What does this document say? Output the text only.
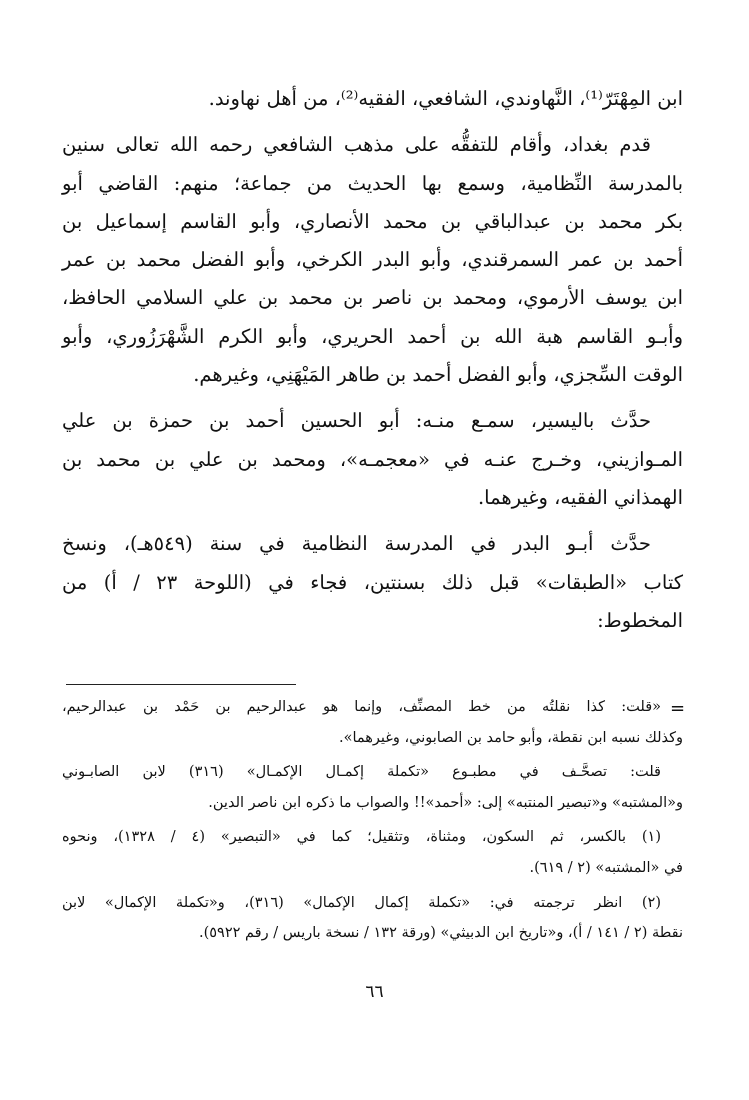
ابن المِهْتَرّ⁽¹⁾، النَّهاوندي، الشافعي، الفقيه⁽²⁾، من أهل نهاوند.

قدم بغداد، وأقام للتفقُّه على مذهب الشافعي رحمه الله تعالى سنين

بالمدرسة النِّظامية، وسمع بها الحديث من جماعة؛ منهم: القاضي أبو

بكر محمد بن عبدالباقي بن محمد الأنصاري، وأبو القاسم إسماعيل بن

أحمد بن عمر السمرقندي، وأبو البدر الكرخي، وأبو الفضل محمد بن عمر

ابن يوسف الأرموي، ومحمد بن ناصر بن محمد بن علي السلامي الحافظ،

وأبـو القاسم هبة الله بن أحمد الحريري، وأبو الكرم الشَّهْرَزُوري، وأبو

الوقت السِّجزي، وأبو الفضل أحمد بن طاهر المَيْهَنِي، وغيرهم.

حدَّث باليسير، سمـع منـه: أبو الحسين أحمد بن حمزة بن علي

المـوازيني، وخـرج عنـه في «معجمـه»، ومحمد بن علي بن محمد بن

الهمذاني الفقيه، وغيرهما.

حدَّث أبـو البدر في المدرسة النظامية في سنة (٥٤٩هـ)، ونسخ

كتاب «الطبقات» قبل ذلك بسنتين، فجاء في (اللوحة ٢٣ / أ) من

المخطوط:

=

«قلت: كذا نقلتُه من خط المصنِّف، وإنما هو عبدالرحيم بن حَمْد بن عبدالرحيم،

وكذلك نسبه ابن نقطة، وأبو حامد بن الصابوني، وغيرهما».

قلت: تصحَّـف في مطبـوع «تكملة إكمـال الإكمـال» (٣١٦) لابن الصابـوني

و«المشتبه» و«تبصير المنتبه» إلى: «أحمد»!! والصواب ما ذكره ابن ناصر الدين.

(١) بالكسر، ثم السكون، ومثناة، وتثقيل؛ كما في «التبصير» (٤ / ١٣٢٨)، ونحوه

في «المشتبه» (٢ / ٦١٩).

(٢) انظر ترجمته في: «تكملة إكمال الإكمال» (٣١٦)، و«تكملة الإكمال» لابن

نقطة (٢ / ١٤١ / أ)، و«تاريخ ابن الدبيثي» (ورقة ١٣٢ / نسخة باريس / رقم ٥٩٢٢).

٦٦
